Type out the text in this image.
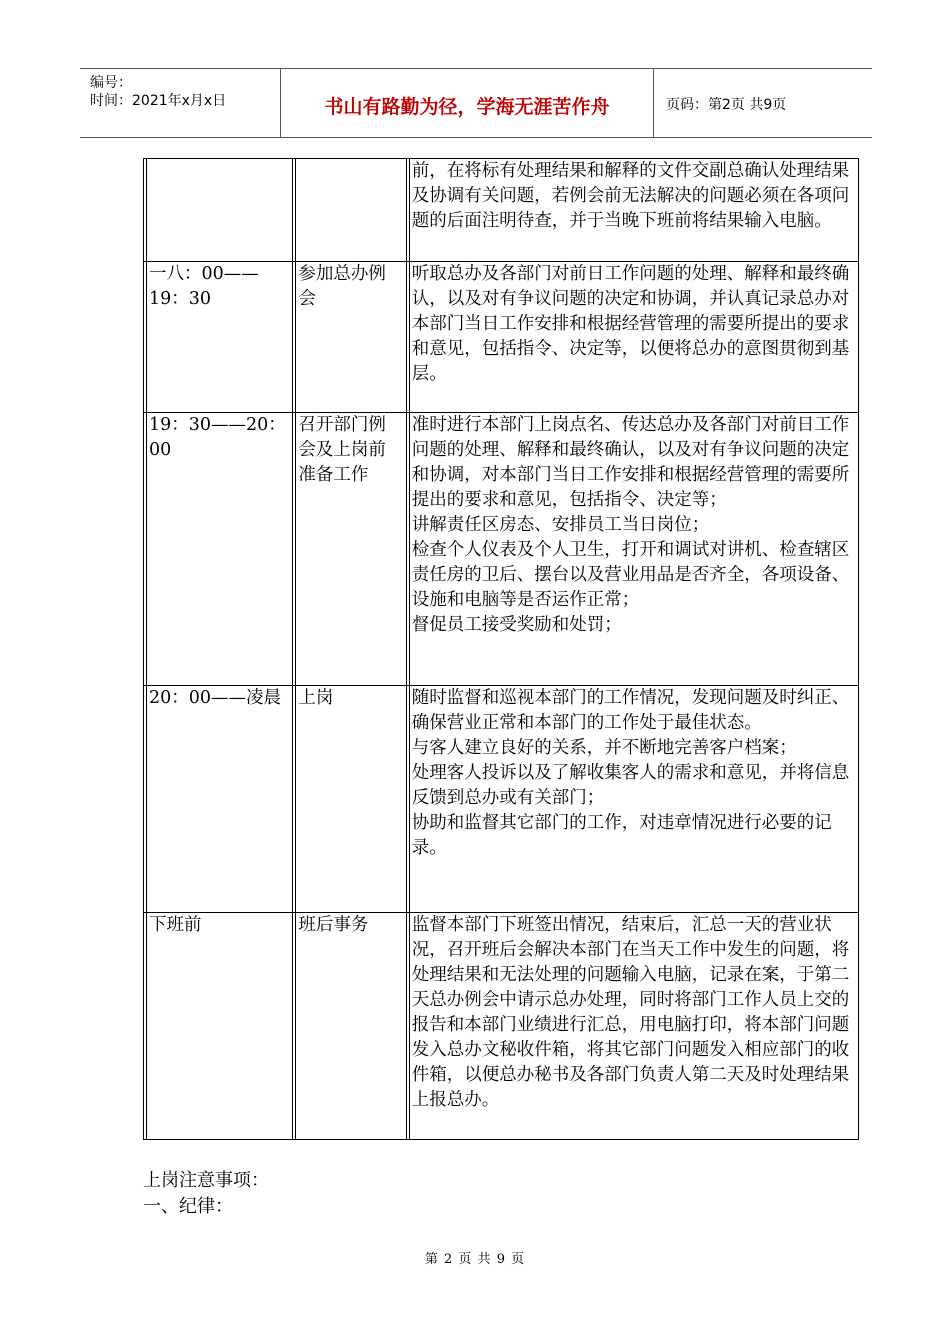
编号：
时间：2021年x月x日	书山有路勤为径，学海无涯苦作舟	页码：第2页 共9页

		前，在将标有处理结果和解释的文件交副总确认处理结果及协调有关问题，若例会前无法解决的问题必须在各项问题的后面注明待查，并于当晚下班前将结果输入电脑。

一八：00——19：30	参加总办例会	听取总办及各部门对前日工作问题的处理、解释和最终确认，以及对有争议问题的决定和协调，并认真记录总办对本部门当日工作安排和根据经营管理的需要所提出的要求和意见，包括指令、决定等，以便将总办的意图贯彻到基层。

19：30——20：00	召开部门例会及上岗前准备工作	准时进行本部门上岗点名、传达总办及各部门对前日工作问题的处理、解释和最终确认，以及对有争议问题的决定和协调，对本部门当日工作安排和根据经营管理的需要所提出的要求和意见，包括指令、决定等；

讲解责任区房态、安排员工当日岗位；

检查个人仪表及个人卫生，打开和调试对讲机、检查辖区责任房的卫后、摆台以及营业用品是否齐全，各项设备、设施和电脑等是否运作正常；

督促员工接受奖励和处罚；

20：00——凌晨	上岗	随时监督和巡视本部门的工作情况，发现问题及时纠正、确保营业正常和本部门的工作处于最佳状态。

与客人建立良好的关系，并不断地完善客户档案；

处理客人投诉以及了解收集客人的需求和意见，并将信息反馈到总办或有关部门；

协助和监督其它部门的工作，对违章情况进行必要的记录。

下班前	班后事务	监督本部门下班签出情况，结束后，汇总一天的营业状况，召开班后会解决本部门在当天工作中发生的问题，将处理结果和无法处理的问题输入电脑，记录在案，于第二天总办例会中请示总办处理，同时将部门工作人员上交的报告和本部门业绩进行汇总，用电脑打印，将本部门问题发入总办文秘收件箱，将其它部门问题发入相应部门的收件箱，以便总办秘书及各部门负责人第二天及时处理结果上报总办。

上岗注意事项：

一、纪律：

第 2 页 共 9 页
